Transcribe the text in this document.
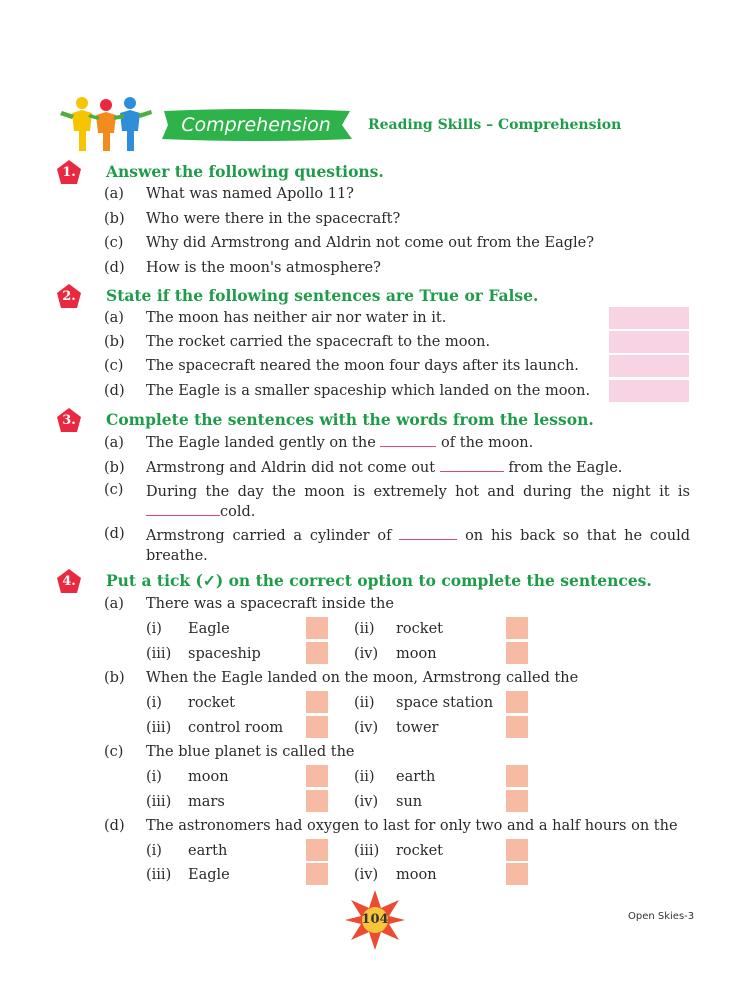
Comprehension	Reading Skills – Comprehension
1.	Answer the following questions.
(a) What was named Apollo 11?
(b) Who were there in the spacecraft?
(c) Why did Armstrong and Aldrin not come out from the Eagle?
(d) How is the moon's atmosphere?
2.	State if the following sentences are True or False.
(a) The moon has neither air nor water in it.
(b) The rocket carried the spacecraft to the moon.
(c) The spacecraft neared the moon four days after its launch.
(d) The Eagle is a smaller spaceship which landed on the moon.
3.	Complete the sentences with the words from the lesson.
(a) The Eagle landed gently on the	of the moon.
(b) Armstrong and Aldrin did not come out	from the Eagle.
(c) During the day the moon is extremely hot and during the night it is cold.
(d) Armstrong carried a cylinder of	on his back so that he could breathe.
4.	Put a tick (✓) on the correct option to complete the sentences.
(a) There was a spacecraft inside the
(i) Eagle	(ii) rocket
(iii) spaceship	(iv) moon
(b) When the Eagle landed on the moon, Armstrong called the
(i) rocket	(ii) space station
(iii) control room	(iv) tower
(c) The blue planet is called the
(i) moon	(ii) earth
(iii) mars	(iv) sun
(d) The astronomers had oxygen to last for only two and a half hours on the
(i) earth	(iii) rocket
(iii) Eagle	(iv) moon
104	Open Skies-3
